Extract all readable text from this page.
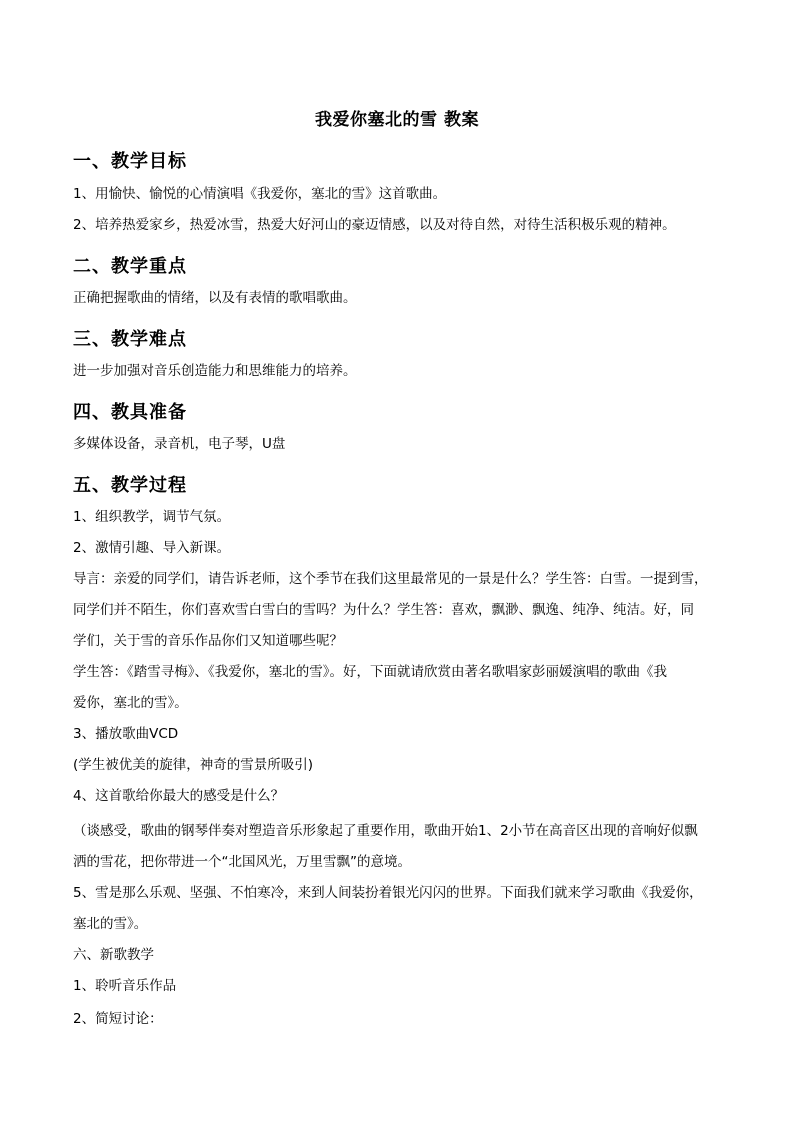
我爱你塞北的雪 教案
一、教学目标
1、用愉快、愉悦的心情演唱《我爱你，塞北的雪》这首歌曲。
2、培养热爱家乡，热爱冰雪，热爱大好河山的豪迈情感，以及对待自然，对待生活积极乐观的精神。
二、教学重点
正确把握歌曲的情绪，以及有表情的歌唱歌曲。
三、教学难点
进一步加强对音乐创造能力和思维能力的培养。
四、教具准备
多媒体设备，录音机，电子琴，U盘
五、教学过程
1、组织教学，调节气氛。
2、激情引趣、导入新课。
导言：亲爱的同学们，请告诉老师，这个季节在我们这里最常见的一景是什么？学生答：白雪。一提到雪，
同学们并不陌生，你们喜欢雪白雪白的雪吗？为什么？学生答：喜欢，飘渺、飘逸、纯净、纯洁。好，同
学们，关于雪的音乐作品你们又知道哪些呢？
学生答：《踏雪寻梅》、《我爱你，塞北的雪》。好，下面就请欣赏由著名歌唱家彭丽媛演唱的歌曲《我
爱你，塞北的雪》。
3、播放歌曲VCD
(学生被优美的旋律，神奇的雪景所吸引)
4、这首歌给你最大的感受是什么？
（谈感受，歌曲的钢琴伴奏对塑造音乐形象起了重要作用，歌曲开始1、2小节在高音区出现的音响好似飘
洒的雪花，把你带进一个“北国风光，万里雪飘”的意境。
5、雪是那么乐观、坚强、不怕寒冷，来到人间装扮着银光闪闪的世界。下面我们就来学习歌曲《我爱你，
塞北的雪》。
六、新歌教学
1、聆听音乐作品
2、简短讨论：
